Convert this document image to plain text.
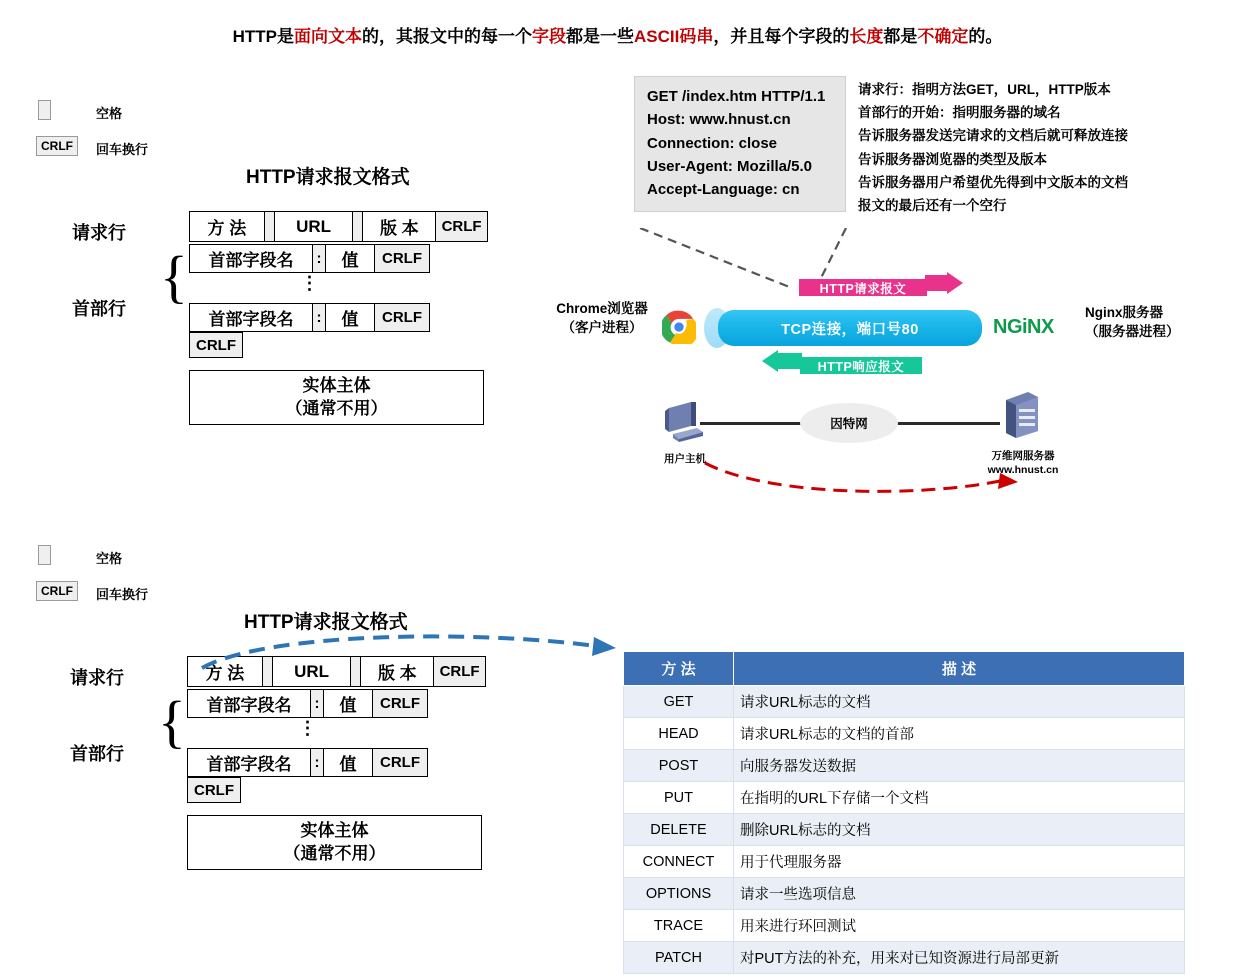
HTTP是面向文本的，其报文中的每一个字段都是一些ASCII码串，并且每个字段的长度都是不确定的。
空格
CRLF	回车换行
HTTP请求报文格式
请求行
首部行 {
方 法	URL	版 本	CRLF
首部字段名	:	值	CRLF
⋮
首部字段名	:	值	CRLF
CRLF
实体主体
（通常不用）
GET /index.htm HTTP/1.1
Host: www.hnust.cn
Connection: close
User-Agent: Mozilla/5.0
Accept-Language: cn
请求行：指明方法GET，URL，HTTP版本
首部行的开始：指明服务器的域名
告诉服务器发送完请求的文档后就可释放连接
告诉服务器浏览器的类型及版本
告诉服务器用户希望优先得到中文版本的文档
报文的最后还有一个空行
Chrome浏览器
（客户进程）	TCP连接，端口号80	NGiNX
Nginx服务器
（服务器进程）
HTTP请求报文
HTTP响应报文
因特网
用户主机	万维网服务器
www.hnust.cn
空格
CRLF	回车换行
HTTP请求报文格式
请求行
首部行 {
方 法	URL	版 本	CRLF
首部字段名	:	值	CRLF
⋮
首部字段名	:	值	CRLF
CRLF
实体主体
（通常不用）
方 法	描 述
GET	请求URL标志的文档
HEAD	请求URL标志的文档的首部
POST	向服务器发送数据
PUT	在指明的URL下存储一个文档
DELETE	删除URL标志的文档
CONNECT	用于代理服务器
OPTIONS	请求一些选项信息
TRACE	用来进行环回测试
PATCH	对PUT方法的补充，用来对已知资源进行局部更新
